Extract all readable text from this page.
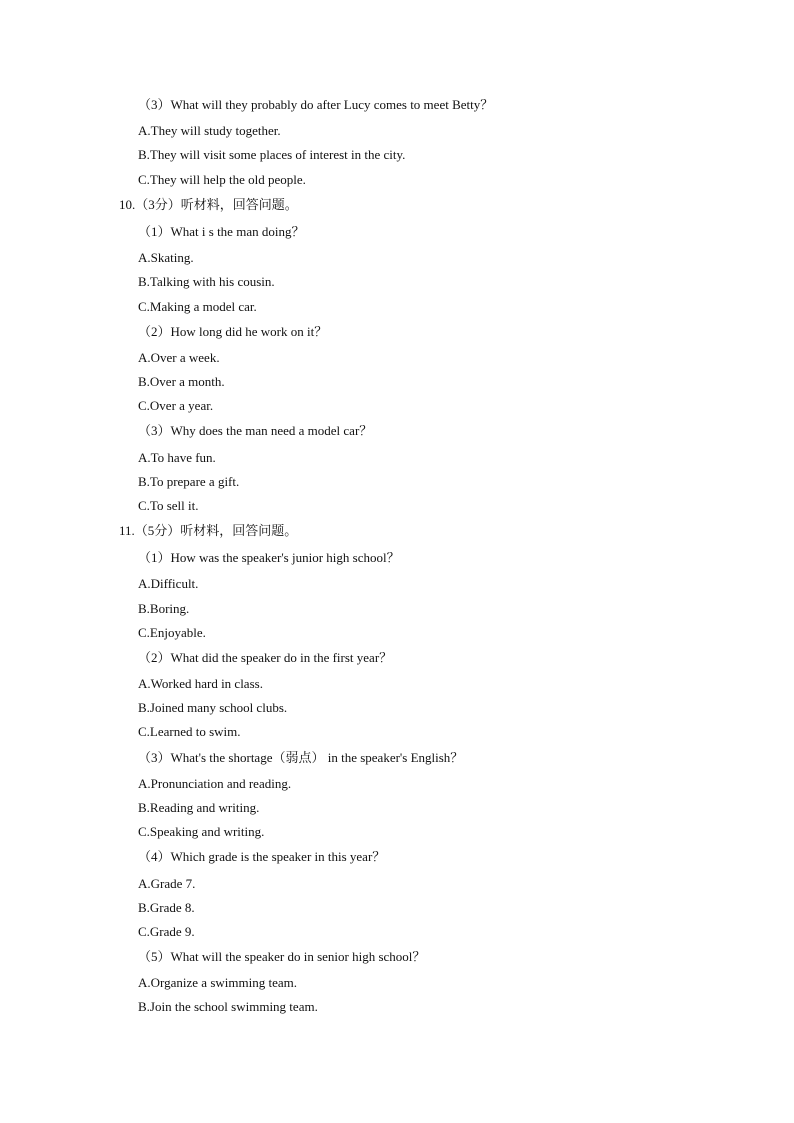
（3）What will they probably do after Lucy comes to meet Betty？
A.They will study together.
B.They will visit some places of interest in the city.
C.They will help the old people.
10.（3分）听材料，回答问题。
（1）What i s the man doing？
A.Skating.
B.Talking with his cousin.
C.Making a model car.
（2）How long did he work on it？
A.Over a week.
B.Over a month.
C.Over a year.
（3）Why does the man need a model car？
A.To have fun.
B.To prepare a gift.
C.To sell it.
11.（5分）听材料，回答问题。
（1）How was the speaker's junior high school？
A.Difficult.
B.Boring.
C.Enjoyable.
（2）What did the speaker do in the first year？
A.Worked hard in class.
B.Joined many school clubs.
C.Learned to swim.
（3）What's the shortage（弱点） in the speaker's English？
A.Pronunciation and reading.
B.Reading and writing.
C.Speaking and writing.
（4）Which grade is the speaker in this year？
A.Grade 7.
B.Grade 8.
C.Grade 9.
（5）What will the speaker do in senior high school？
A.Organize a swimming team.
B.Join the school swimming team.
